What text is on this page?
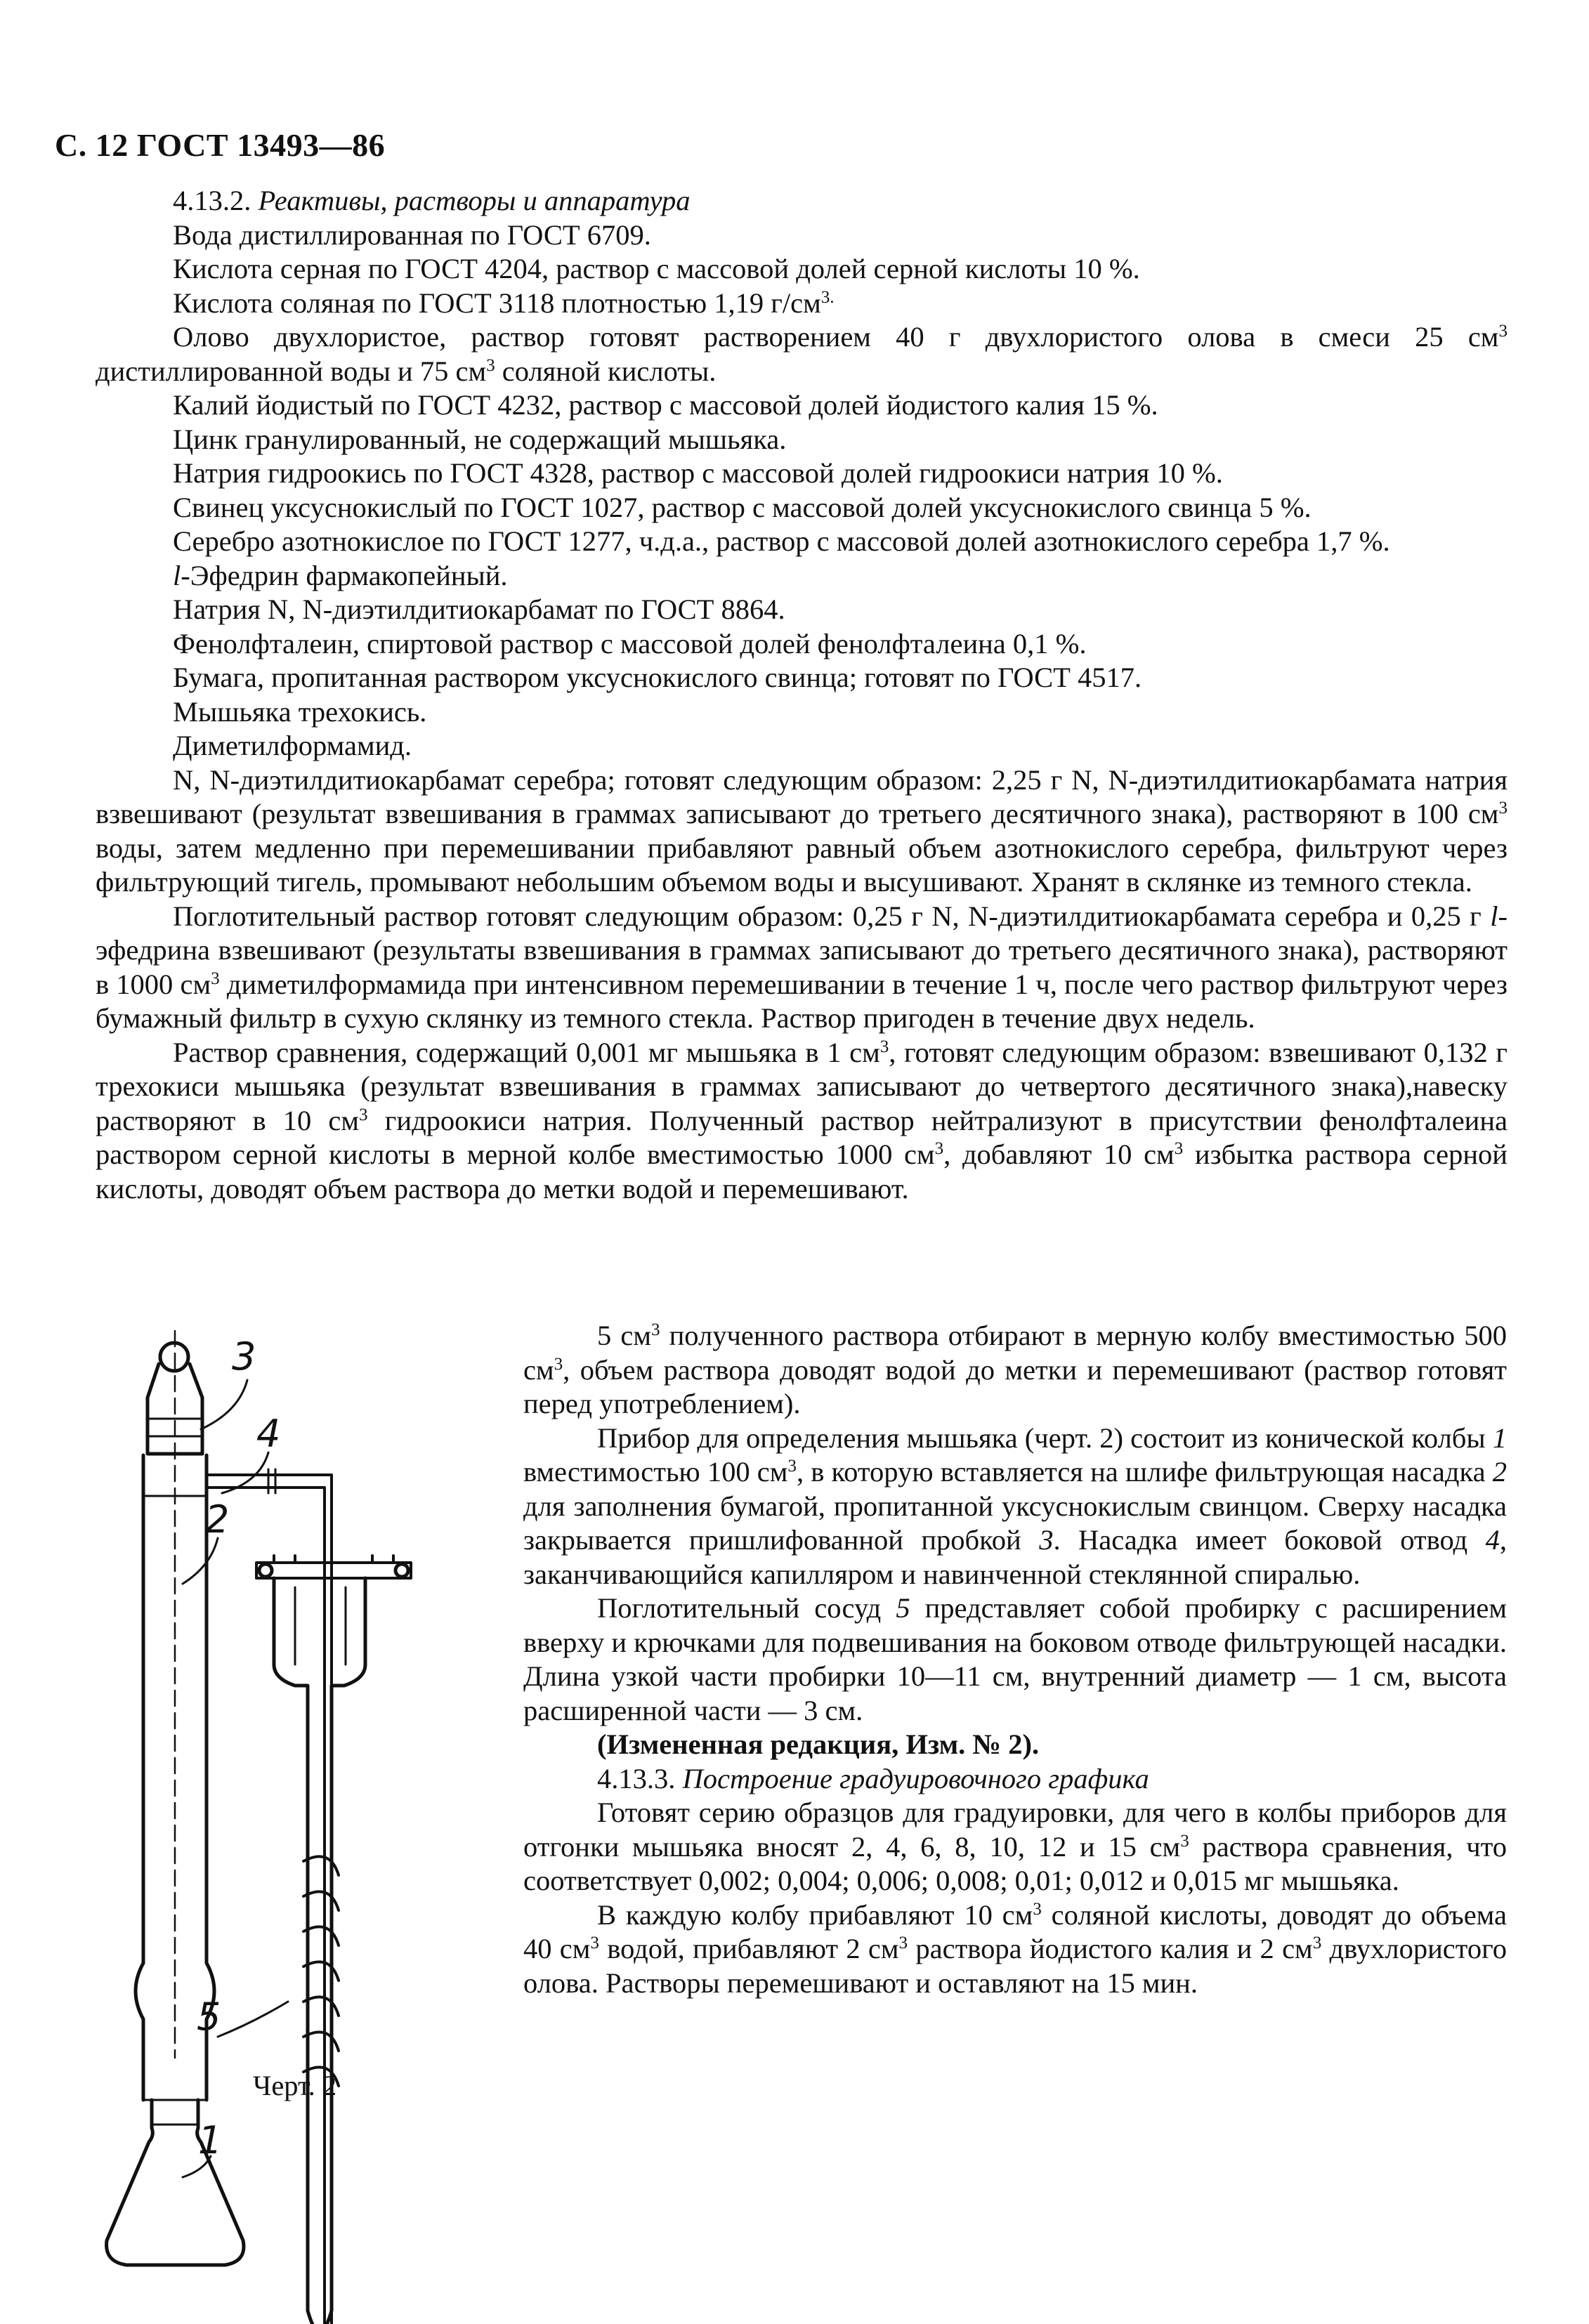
С. 12 ГОСТ 13493—86

4.13.2. Реактивы, растворы и аппаратура

Вода дистиллированная по ГОСТ 6709.

Кислота серная по ГОСТ 4204, раствор с массовой долей серной кислоты 10 %.

Кислота соляная по ГОСТ 3118 плотностью 1,19 $г/см^{3.}$

Олово двухлористое, раствор готовят растворением 40 г двухлористого олова в смеси 25 $см^3$ дистиллированной воды и 75 $см^3$ соляной кислоты.

Калий йодистый по ГОСТ 4232, раствор с массовой долей йодистого калия 15 %.

Цинк гранулированный, не содержащий мышьяка.

Натрия гидроокись по ГОСТ 4328, раствор с массовой долей гидроокиси натрия 10 %.

Свинец уксуснокислый по ГОСТ 1027, раствор с массовой долей уксуснокислого свинца 5 %.

Серебро азотнокислое по ГОСТ 1277, ч.д.а., раствор с массовой долей азотнокислого серебра 1,7 %.

l-Эфедрин фармакопейный.

Натрия N, N-диэтилдитиокарбамат по ГОСТ 8864.

Фенолфталеин, спиртовой раствор с массовой долей фенолфталеина 0,1 %.

Бумага, пропитанная раствором уксуснокислого свинца; готовят по ГОСТ 4517.

Мышьяка трехокись.

Диметилформамид.

N, N-диэтилдитиокарбамат серебра; готовят следующим образом: 2,25 г N, N-диэтилдитиокарбамата натрия взвешивают (результат взвешивания в граммах записывают до третьего десятичного знака), растворяют в 100 $см^3$ воды, затем медленно при перемешивании прибавляют равный объем азотнокислого серебра, фильтруют через фильтрующий тигель, промывают небольшим объемом воды и высушивают. Хранят в склянке из темного стекла.

Поглотительный раствор готовят следующим образом: 0,25 г N, N-диэтилдитиокарбамата серебра и 0,25 г l-эфедрина взвешивают (результаты взвешивания в граммах записывают до третьего десятичного знака), растворяют в 1000 $см^3$ диметилформамида при интенсивном перемешивании в течение 1 ч, после чего раствор фильтруют через бумажный фильтр в сухую склянку из темного стекла. Раствор пригоден в течение двух недель.

Раствор сравнения, содержащий 0,001 мг мышьяка в 1 $см^3$, готовят следующим образом: взвешивают 0,132 г трехокиси мышьяка (результат взвешивания в граммах записывают до четвертого десятичного знака),навеску растворяют в 10 $см^3$ гидроокиси натрия. Полученный раствор нейтрализуют в присутствии фенолфталеина раствором серной кислоты в мерной колбе вместимостью 1000 $см^3$, добавляют 10 $см^3$ избытка раствора серной кислоты, доводят объем раствора до метки водой и перемешивают.

5 $см^3$ полученного раствора отбирают в мерную колбу вместимостью 500 $см^3$, объем раствора доводят водой до метки и перемешивают (раствор готовят перед употреблением).

Прибор для определения мышьяка (черт. 2) состоит из конической колбы 1 вместимостью 100 $см^3$, в которую вставляется на шлифе фильтрующая насадка 2 для заполнения бумагой, пропитанной уксуснокислым свинцом. Сверху насадка закрывается пришлифованной пробкой 3. Насадка имеет боковой отвод 4, заканчивающийся капилляром и навинченной стеклянной спиралью.

Поглотительный сосуд 5 представляет собой пробирку с расширением вверху и крючками для подвешивания на боковом отводе фильтрующей насадки. Длина узкой части пробирки 10—11 см, внутренний диаметр — 1 см, высота расширенной части — 3 см.

(Измененная редакция, Изм. № 2).

4.13.3. Построение градуировочного графика

Готовят серию образцов для градуировки, для чего в колбы приборов для отгонки мышьяка вносят 2, 4, 6, 8, 10, 12 и 15 $см^3$ раствора сравнения, что соответствует 0,002; 0,004; 0,006; 0,008; 0,01; 0,012 и 0,015 мг мышьяка.

В каждую колбу прибавляют 10 $см^3$ соляной кислоты, доводят до объема 40 $см^3$ водой, прибавляют 2 $см^3$ раствора йодистого калия и 2 $см^3$ двухлористого олова. Растворы перемешивают и оставляют на 15 мин.

3
4
2
5
1
Черт. 2
